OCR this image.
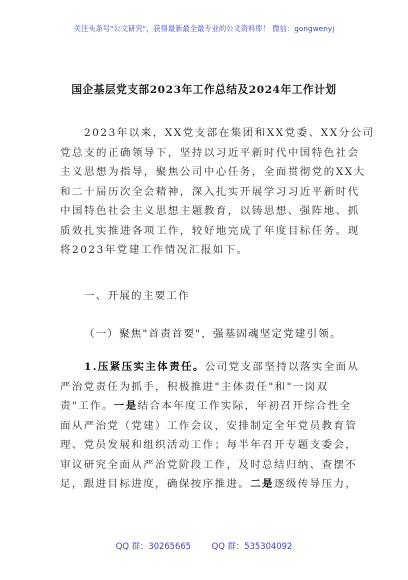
关注头条号"公文研究"，获得最新最全最专业的公文资料库！ 微信：gongwenyj
国企基层党支部2023年工作总结及2024年工作计划
2023年以来，XX党支部在集团和XX党委、XX分公司
党总支的正确领导下，坚持以习近平新时代中国特色社会
主义思想为指导，聚焦公司中心任务，全面贯彻党的XX大
和二十届历次全会精神，深入扎实开展学习习近平新时代
中国特色社会主义思想主题教育，以铸思想、强阵地、抓
质效扎实推进各项工作，较好地完成了年度目标任务。现
将2023年党建工作情况汇报如下。
一、开展的主要工作
（一）聚焦"首责首要"，强基固魂坚定党建引领。
1.压紧压实主体责任。公司党支部坚持以落实全面从
严治党责任为抓手，积极推进"主体责任"和"一岗双
责"工作。一是结合本年度工作实际，年初召开综合性全
面从严治党（党建）工作会议，安排制定全年党员教育管
理、党员发展和组织活动工作；每半年召开专题支委会，
审议研究全面从严治党阶段工作，及时总结归纳、查摆不
足，跟进目标进度，确保按序推进。二是逐级传导压力，
QQ 群：30265665 QQ 群：535304092
